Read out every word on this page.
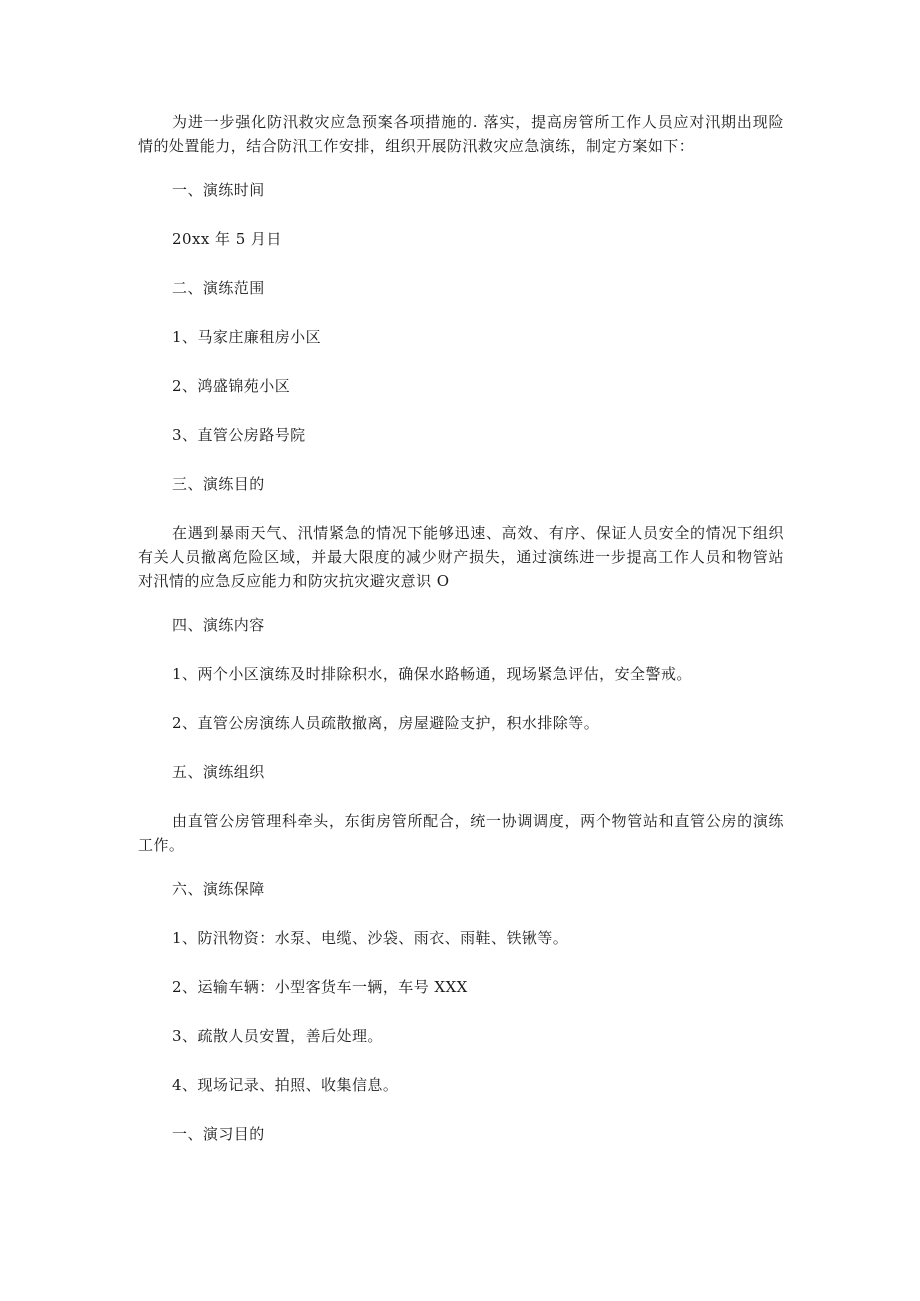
为进一步强化防汛救灾应急预案各项措施的. 落实，提高房管所工作人员应对汛期出现险情的处置能力，结合防汛工作安排，组织开展防汛救灾应急演练，制定方案如下：

一、演练时间
20xx 年 5 月日
二、演练范围
1、马家庄廉租房小区
2、鸿盛锦苑小区
3、直管公房路号院
三、演练目的

在遇到暴雨天气、汛情紧急的情况下能够迅速、高效、有序、保证人员安全的情况下组织有关人员撤离危险区域，并最大限度的减少财产损失，通过演练进一步提高工作人员和物管站对汛情的应急反应能力和防灾抗灾避灾意识 O

四、演练内容
1、两个小区演练及时排除积水，确保水路畅通，现场紧急评估，安全警戒。
2、直管公房演练人员疏散撤离，房屋避险支护，积水排除等。
五、演练组织

由直管公房管理科牵头，东街房管所配合，统一协调调度，两个物管站和直管公房的演练工作。

六、演练保障
1、防汛物资：水泵、电缆、沙袋、雨衣、雨鞋、铁锹等。
2、运输车辆：小型客货车一辆，车号 XXX
3、疏散人员安置，善后处理。
4、现场记录、拍照、收集信息。
一、演习目的
